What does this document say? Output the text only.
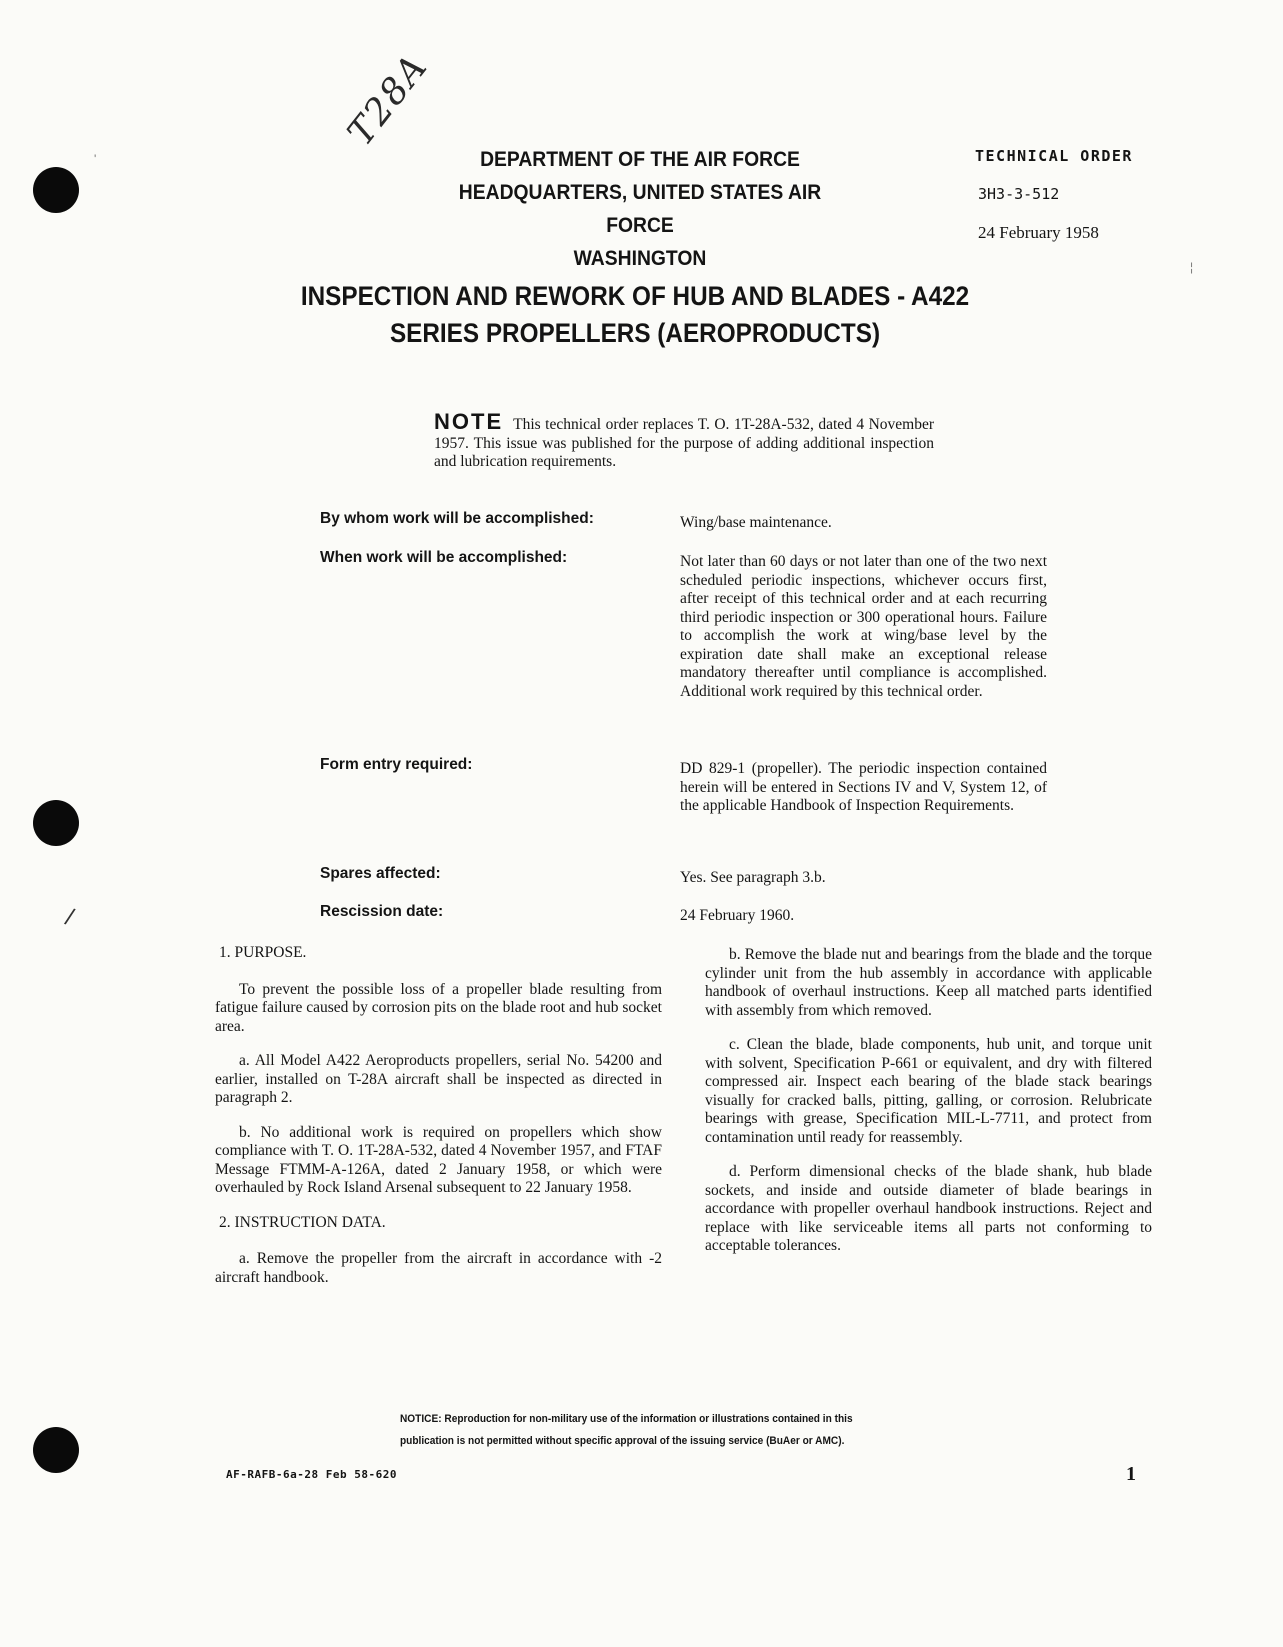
'
¦
/
T28A
DEPARTMENT OF THE AIR FORCE
HEADQUARTERS, UNITED STATES AIR FORCE
WASHINGTON
TECHNICAL ORDER
3H3-3-512
24 February 1958
INSPECTION AND REWORK OF HUB AND BLADES - A422
SERIES PROPELLERS (AEROPRODUCTS)
NOTE This technical order replaces T. O. 1T-28A-532, dated 4 November 1957. This issue was published for the purpose of adding additional inspection and lubrication requirements.
By whom work will be accomplished:	Wing/base maintenance.
When work will be accomplished:	Not later than 60 days or not later than one of the two next scheduled periodic inspections, whichever occurs first, after receipt of this technical order and at each recurring third periodic inspection or 300 operational hours. Failure to accomplish the work at wing/base level by the expiration date shall make an exceptional release mandatory thereafter until compliance is accomplished. Additional work required by this technical order.
Form entry required:	DD 829-1 (propeller). The periodic inspection contained herein will be entered in Sections IV and V, System 12, of the applicable Handbook of Inspection Requirements.
Spares affected:	Yes. See paragraph 3.b.
Rescission date:	24 February 1960.

1. PURPOSE.

To prevent the possible loss of a propeller blade resulting from fatigue failure caused by corrosion pits on the blade root and hub socket area.

a. All Model A422 Aeroproducts propellers, serial No. 54200 and earlier, installed on T-28A aircraft shall be inspected as directed in paragraph 2.

b. No additional work is required on propellers which show compliance with T. O. 1T-28A-532, dated 4 November 1957, and FTAF Message FTMM-A-126A, dated 2 January 1958, or which were overhauled by Rock Island Arsenal subsequent to 22 January 1958.

2. INSTRUCTION DATA.

a. Remove the propeller from the aircraft in accordance with -2 aircraft handbook.

b. Remove the blade nut and bearings from the blade and the torque cylinder unit from the hub assembly in accordance with applicable handbook of overhaul instructions. Keep all matched parts identified with assembly from which removed.

c. Clean the blade, blade components, hub unit, and torque unit with solvent, Specification P-661 or equivalent, and dry with filtered compressed air. Inspect each bearing of the blade stack bearings visually for cracked balls, pitting, galling, or corrosion. Relubricate bearings with grease, Specification MIL-L-7711, and protect from contamination until ready for reassembly.

d. Perform dimensional checks of the blade shank, hub blade sockets, and inside and outside diameter of blade bearings in accordance with propeller overhaul handbook instructions. Reject and replace with like serviceable items all parts not conforming to acceptable tolerances.

NOTICE: Reproduction for non-military use of the information or illustrations contained in this publication is not permitted without specific approval of the issuing service (BuAer or AMC).
AF-RAFB-6a-28 Feb 58-620	1
